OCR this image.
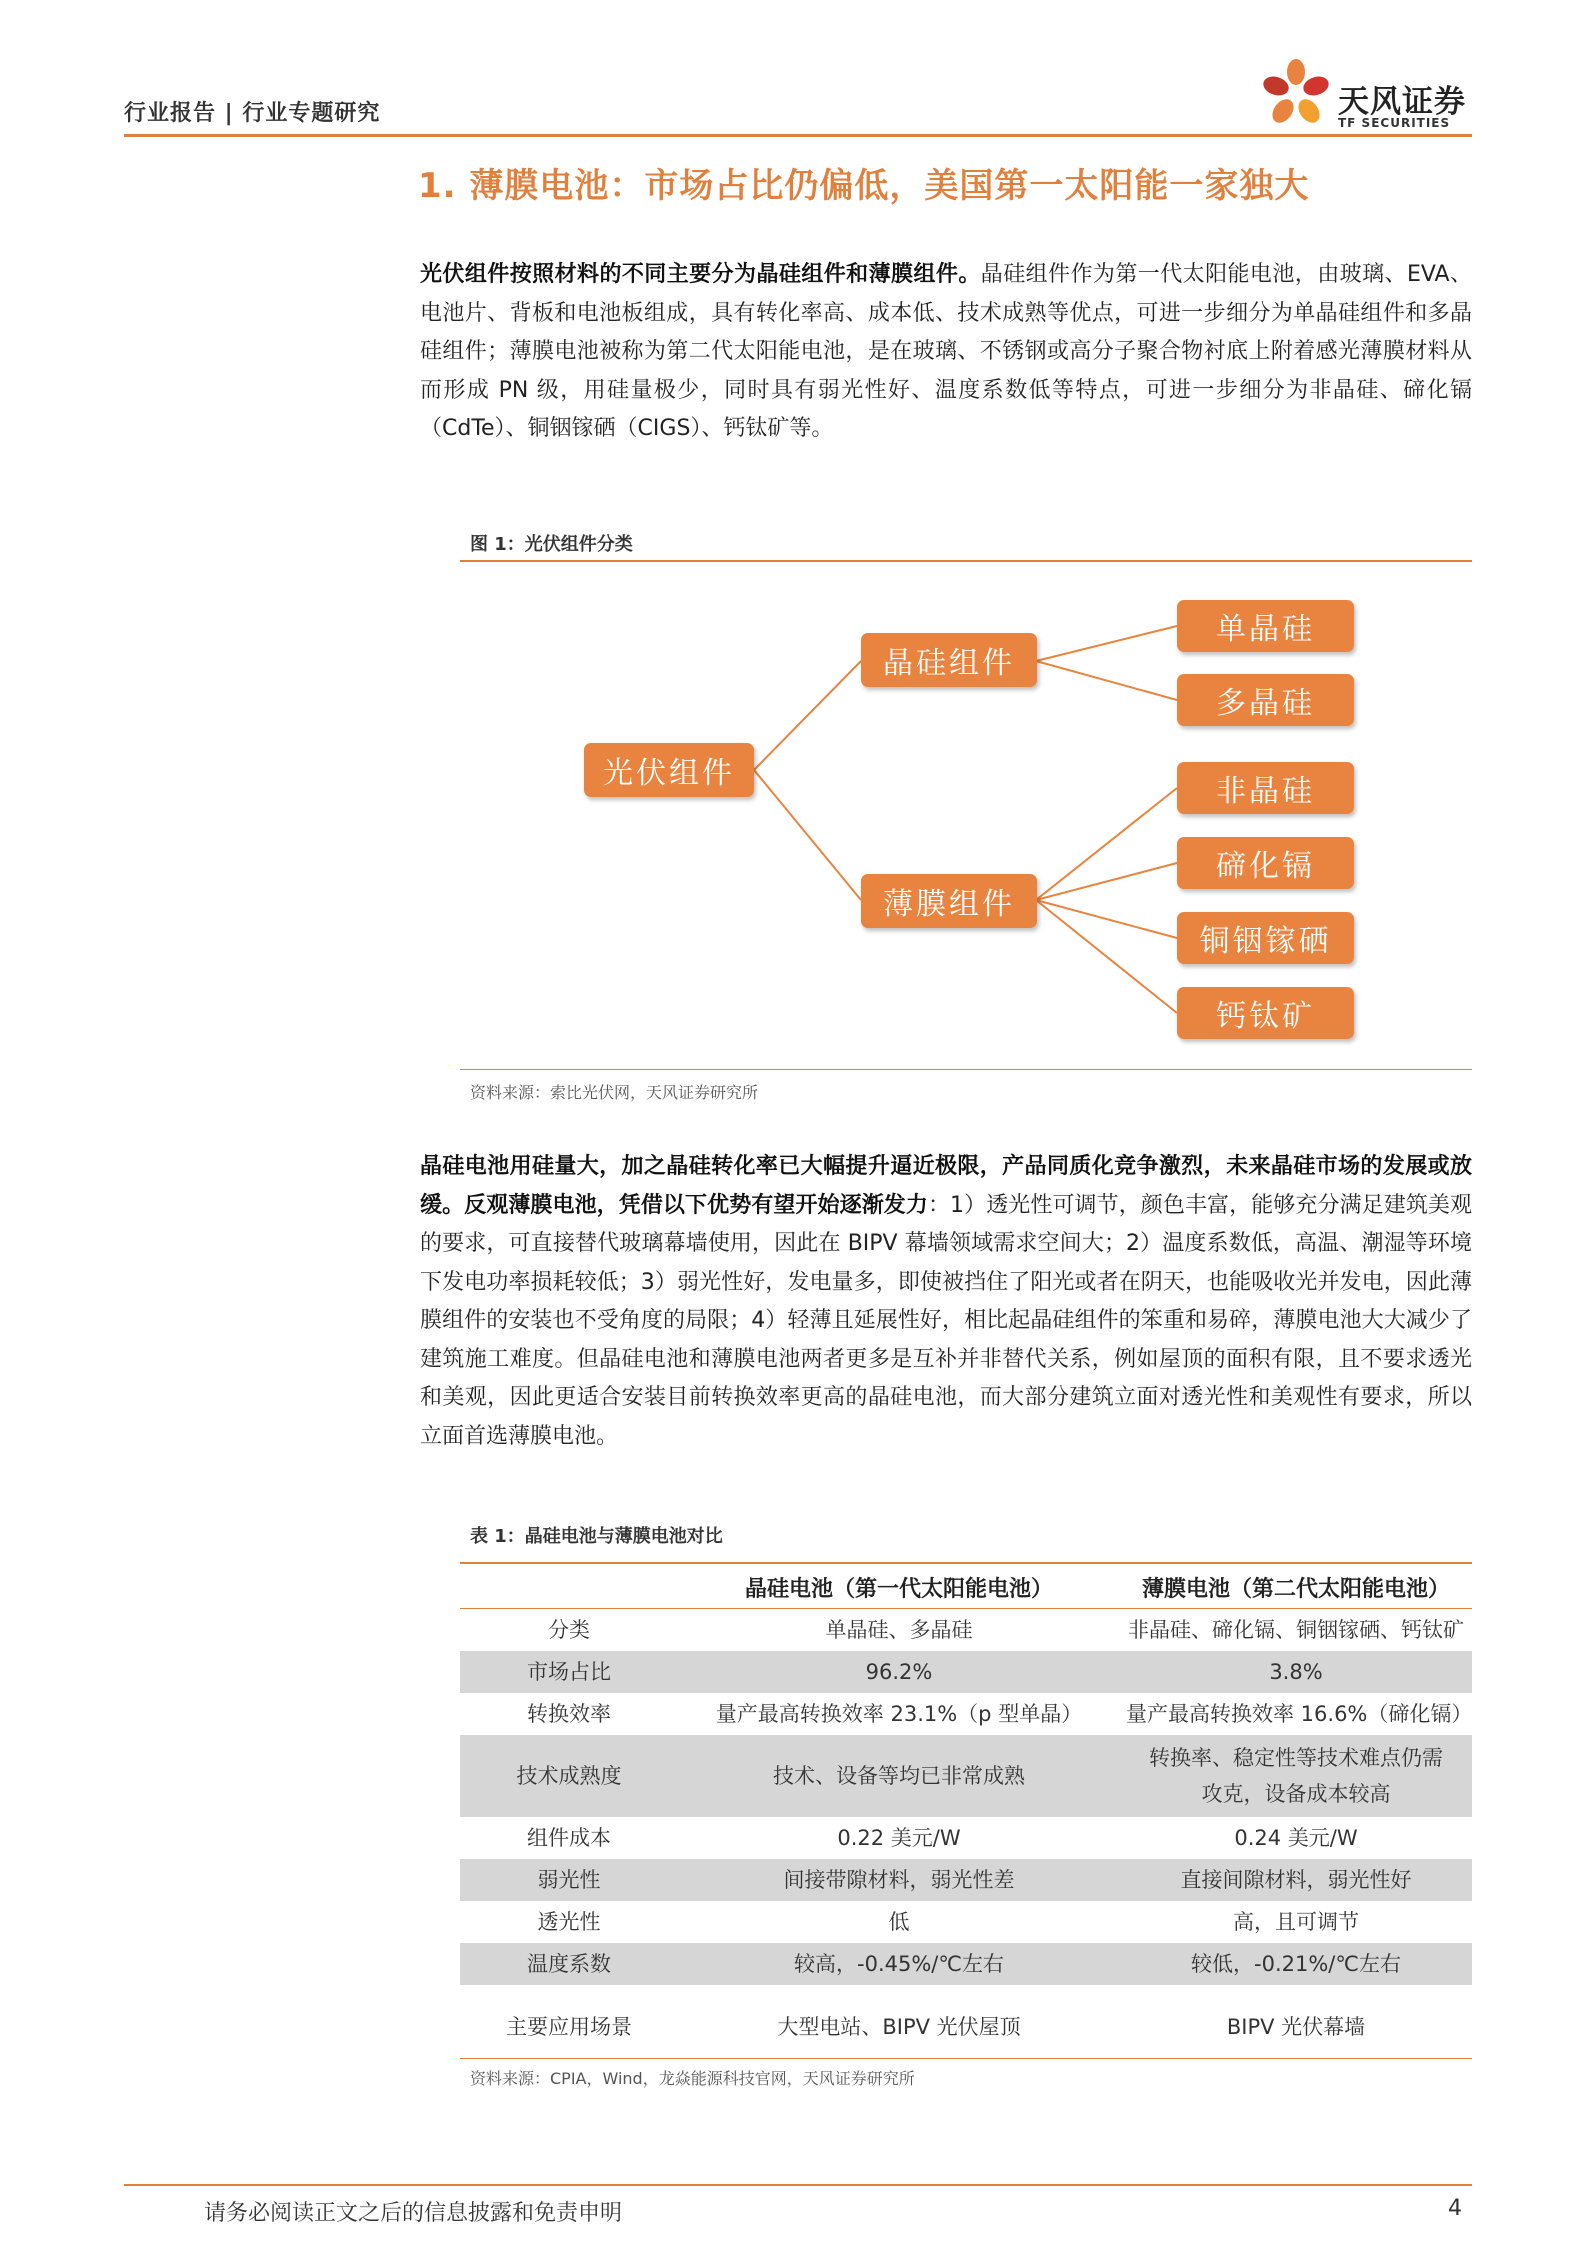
行业报告 | 行业专题研究	天风证券
TF SECURITIES
1. 薄膜电池：市场占比仍偏低，美国第一太阳能一家独大
光伏组件按照材料的不同主要分为晶硅组件和薄膜组件。晶硅组件作为第一代太阳能电池，由玻璃、EVA、电池片、背板和电池板组成，具有转化率高、成本低、技术成熟等优点，可进一步细分为单晶硅组件和多晶硅组件；薄膜电池被称为第二代太阳能电池，是在玻璃、不锈钢或高分子聚合物衬底上附着感光薄膜材料从而形成 PN 级，用硅量极少，同时具有弱光性好、温度系数低等特点，可进一步细分为非晶硅、碲化镉（CdTe）、铜铟镓硒（CIGS）、钙钛矿等。
图 1：光伏组件分类
光伏组件
晶硅组件
薄膜组件
单晶硅
多晶硅
非晶硅
碲化镉
铜铟镓硒
钙钛矿
资料来源：索比光伏网，天风证券研究所
晶硅电池用硅量大，加之晶硅转化率已大幅提升逼近极限，产品同质化竞争激烈，未来晶硅市场的发展或放缓。反观薄膜电池，凭借以下优势有望开始逐渐发力：1）透光性可调节，颜色丰富，能够充分满足建筑美观的要求，可直接替代玻璃幕墙使用，因此在 BIPV 幕墙领域需求空间大；2）温度系数低，高温、潮湿等环境下发电功率损耗较低；3）弱光性好，发电量多，即使被挡住了阳光或者在阴天，也能吸收光并发电，因此薄膜组件的安装也不受角度的局限；4）轻薄且延展性好，相比起晶硅组件的笨重和易碎，薄膜电池大大减少了建筑施工难度。但晶硅电池和薄膜电池两者更多是互补并非替代关系，例如屋顶的面积有限，且不要求透光和美观，因此更适合安装目前转换效率更高的晶硅电池，而大部分建筑立面对透光性和美观性有要求，所以立面首选薄膜电池。
表 1：晶硅电池与薄膜电池对比
	晶硅电池（第一代太阳能电池）	薄膜电池（第二代太阳能电池）
分类	单晶硅、多晶硅	非晶硅、碲化镉、铜铟镓硒、钙钛矿
市场占比	96.2%	3.8%
转换效率	量产最高转换效率 23.1%（p 型单晶）	量产最高转换效率 16.6%（碲化镉）
技术成熟度	技术、设备等均已非常成熟	转换率、稳定性等技术难点仍需攻克，设备成本较高
组件成本	0.22 美元/W	0.24 美元/W
弱光性	间接带隙材料，弱光性差	直接间隙材料，弱光性好
透光性	低	高，且可调节
温度系数	较高，-0.45%/℃左右	较低，-0.21%/℃左右
主要应用场景	大型电站、BIPV 光伏屋顶	BIPV 光伏幕墙
资料来源：CPIA，Wind，龙焱能源科技官网，天风证券研究所
请务必阅读正文之后的信息披露和免责申明	4
